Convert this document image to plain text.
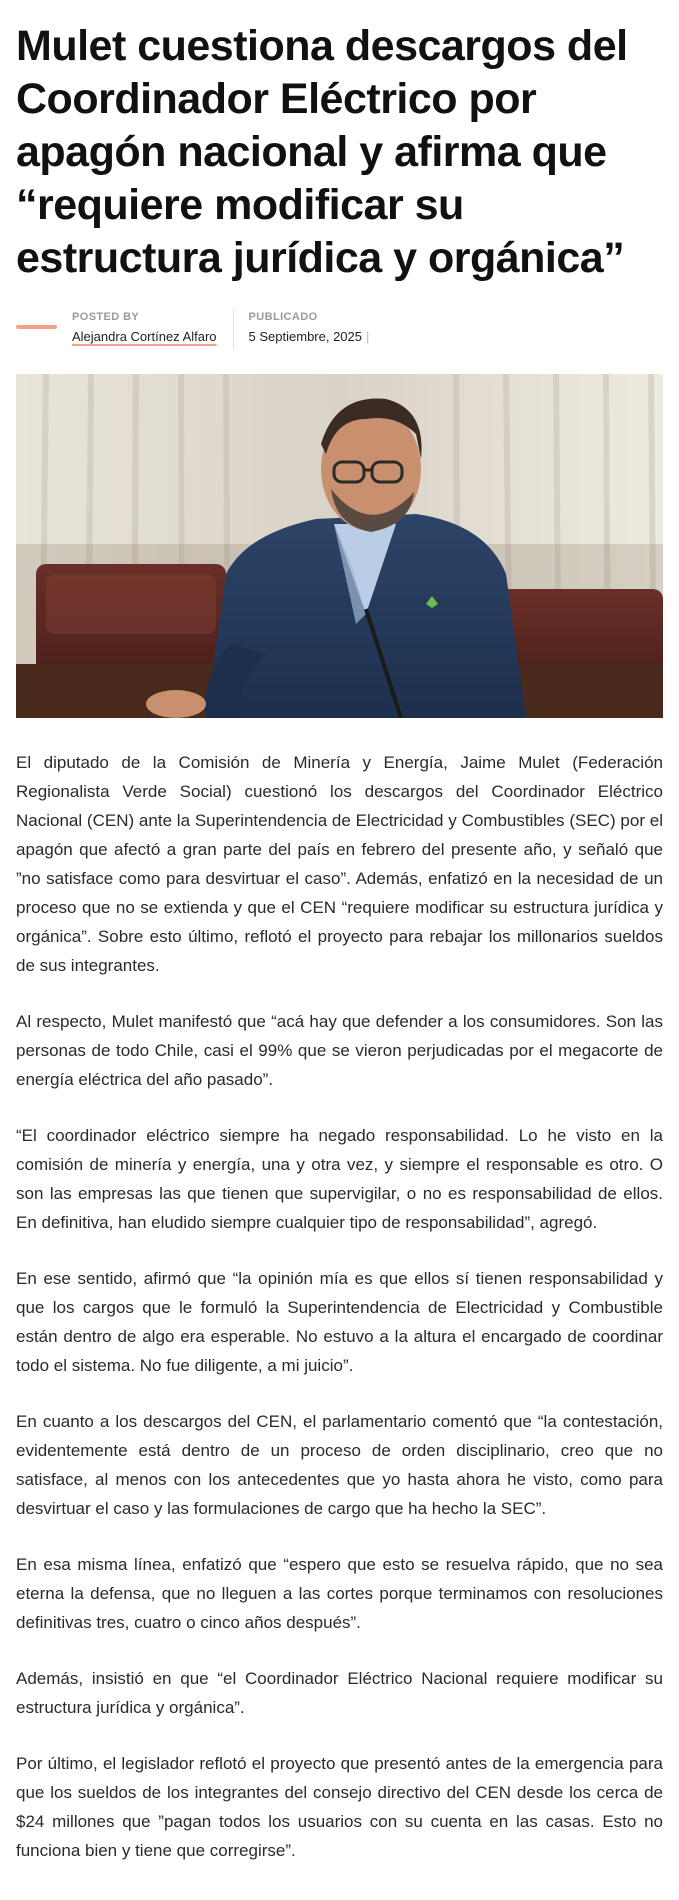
Mulet cuestiona descargos del Coordinador Eléctrico por apagón nacional y afirma que “requiere modificar su estructura jurídica y orgánica”
POSTED BY
Alejandra Cortínez Alfaro
PUBLICADO
5 Septiembre, 2025 |

El diputado de la Comisión de Minería y Energía, Jaime Mulet (Federación Regionalista Verde Social) cuestionó los descargos del Coordinador Eléctrico Nacional (CEN) ante la Superintendencia de Electricidad y Combustibles (SEC) por el apagón que afectó a gran parte del país en febrero del presente año, y señaló que ”no satisface como para desvirtuar el caso”. Además, enfatizó en la necesidad de un proceso que no se extienda y que el CEN “requiere modificar su estructura jurídica y orgánica”. Sobre esto último, reflotó el proyecto para rebajar los millonarios sueldos de sus integrantes.

Al respecto, Mulet manifestó que “acá hay que defender a los consumidores. Son las personas de todo Chile, casi el 99% que se vieron perjudicadas por el megacorte de energía eléctrica del año pasado”.

“El coordinador eléctrico siempre ha negado responsabilidad. Lo he visto en la comisión de minería y energía, una y otra vez, y siempre el responsable es otro. O son las empresas las que tienen que supervigilar, o no es responsabilidad de ellos. En definitiva, han eludido siempre cualquier tipo de responsabilidad”, agregó.

En ese sentido, afirmó que “la opinión mía es que ellos sí tienen responsabilidad y que los cargos que le formuló la Superintendencia de Electricidad y Combustible están dentro de algo era esperable. No estuvo a la altura el encargado de coordinar todo el sistema. No fue diligente, a mi juicio”.

En cuanto a los descargos del CEN, el parlamentario comentó que “la contestación, evidentemente está dentro de un proceso de orden disciplinario, creo que no satisface, al menos con los antecedentes que yo hasta ahora he visto, como para desvirtuar el caso y las formulaciones de cargo que ha hecho la SEC”.

En esa misma línea, enfatizó que “espero que esto se resuelva rápido, que no sea eterna la defensa, que no lleguen a las cortes porque terminamos con resoluciones definitivas tres, cuatro o cinco años después”.

Además, insistió en que “el Coordinador Eléctrico Nacional requiere modificar su estructura jurídica y orgánica”.

Por último, el legislador reflotó el proyecto que presentó antes de la emergencia para que los sueldos de los integrantes del consejo directivo del CEN desde los cerca de $24 millones que ”pagan todos los usuarios con su cuenta en las casas. Esto no funciona bien y tiene que corregirse”.
